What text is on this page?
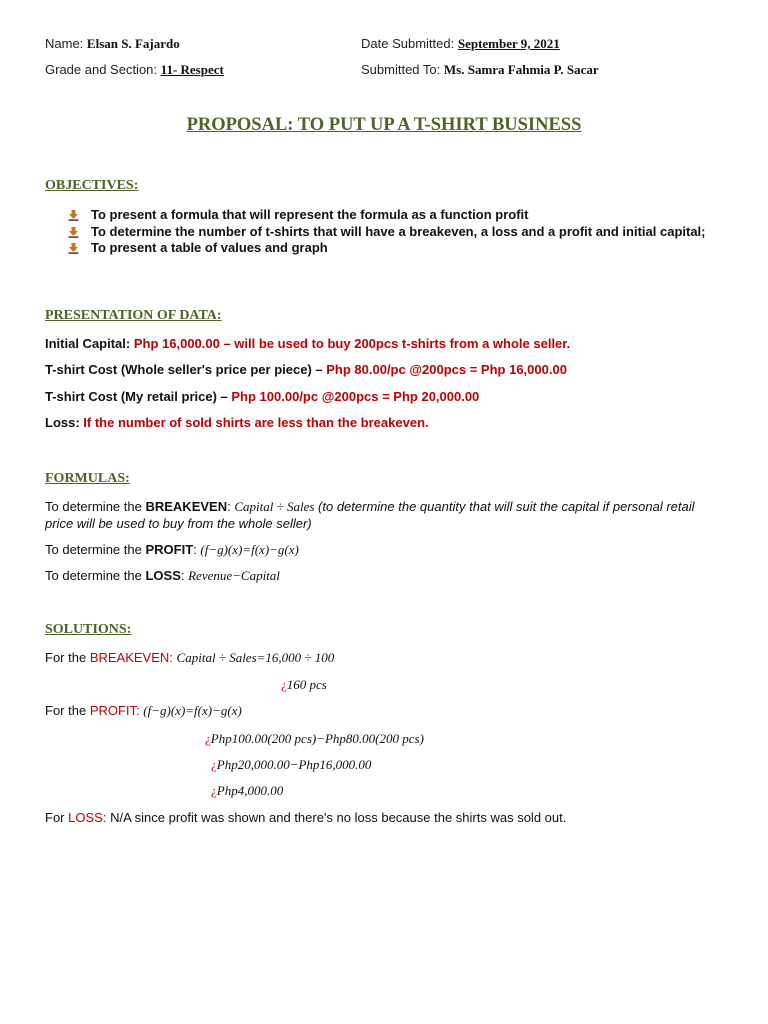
Name: Elsan S. Fajardo	Date Submitted: September 9, 2021
Grade and Section: 11- Respect	Submitted To: Ms. Samra Fahmia P. Sacar
PROPOSAL: TO PUT UP A T-SHIRT BUSINESS
OBJECTIVES:
To present a formula that will represent the formula as a function profit
To determine the number of t-shirts that will have a breakeven, a loss and a profit and initial capital;
To present a table of values and graph
PRESENTATION OF DATA:
Initial Capital: Php 16,000.00 – will be used to buy 200pcs t-shirts from a whole seller.
T-shirt Cost (Whole seller's price per piece) – Php 80.00/pc @200pcs = Php 16,000.00
T-shirt Cost (My retail price) – Php 100.00/pc @200pcs = Php 20,000.00
Loss: If the number of sold shirts are less than the breakeven.
FORMULAS:
To determine the BREAKEVEN: Capital ÷ Sales (to determine the quantity that will suit the capital if personal retail price will be used to buy from the whole seller)
To determine the PROFIT: (f−g)(x)=f(x)−g(x)
To determine the LOSS: Revenue−Capital
SOLUTIONS:
For the BREAKEVEN: Capital ÷ Sales=16,000 ÷ 100
¿160 pcs
For the PROFIT: (f−g)(x)=f(x)−g(x)
¿Php100.00(200 pcs)−Php80.00(200 pcs)
¿Php20,000.00−Php16,000.00
¿Php4,000.00
For LOSS: N/A since profit was shown and there's no loss because the shirts was sold out.
